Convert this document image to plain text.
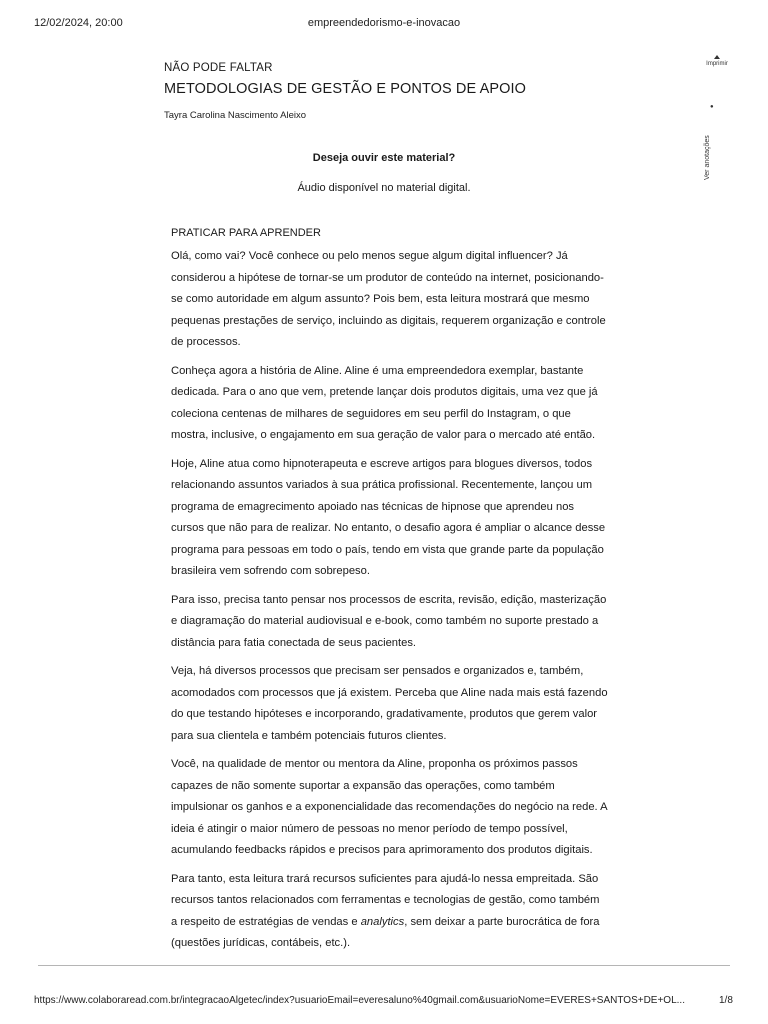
12/02/2024, 20:00	empreendedorismo-e-inovacao
Imprimir
●
Ver anotações
NÃO PODE FALTAR
METODOLOGIAS DE GESTÃO E PONTOS DE APOIO
Tayra Carolina Nascimento Aleixo
Deseja ouvir este material?
Áudio disponível no material digital.
PRATICAR PARA APRENDER

Olá, como vai? Você conhece ou pelo menos segue algum digital influencer? Já considerou a hipótese de tornar-se um produtor de conteúdo na internet, posicionando-se como autoridade em algum assunto? Pois bem, esta leitura mostrará que mesmo pequenas prestações de serviço, incluindo as digitais, requerem organização e controle de processos.

Conheça agora a história de Aline. Aline é uma empreendedora exemplar, bastante dedicada. Para o ano que vem, pretende lançar dois produtos digitais, uma vez que já coleciona centenas de milhares de seguidores em seu perfil do Instagram, o que mostra, inclusive, o engajamento em sua geração de valor para o mercado até então.

Hoje, Aline atua como hipnoterapeuta e escreve artigos para blogues diversos, todos relacionando assuntos variados à sua prática profissional. Recentemente, lançou um programa de emagrecimento apoiado nas técnicas de hipnose que aprendeu nos cursos que não para de realizar. No entanto, o desafio agora é ampliar o alcance desse programa para pessoas em todo o país, tendo em vista que grande parte da população brasileira vem sofrendo com sobrepeso.

Para isso, precisa tanto pensar nos processos de escrita, revisão, edição, masterização e diagramação do material audiovisual e e-book, como também no suporte prestado a distância para fatia conectada de seus pacientes.

Veja, há diversos processos que precisam ser pensados e organizados e, também, acomodados com processos que já existem. Perceba que Aline nada mais está fazendo do que testando hipóteses e incorporando, gradativamente, produtos que gerem valor para sua clientela e também potenciais futuros clientes.

Você, na qualidade de mentor ou mentora da Aline, proponha os próximos passos capazes de não somente suportar a expansão das operações, como também impulsionar os ganhos e a exponencialidade das recomendações do negócio na rede. A ideia é atingir o maior número de pessoas no menor período de tempo possível, acumulando feedbacks rápidos e precisos para aprimoramento dos produtos digitais.

Para tanto, esta leitura trará recursos suficientes para ajudá-lo nessa empreitada. São recursos tantos relacionados com ferramentas e tecnologias de gestão, como também a respeito de estratégias de vendas e analytics, sem deixar a parte burocrática de fora (questões jurídicas, contábeis, etc.).

https://www.colaboraread.com.br/integracaoAlgetec/index?usuarioEmail=everesaluno%40gmail.com&usuarioNome=EVERES+SANTOS+DE+OL...	1/8
